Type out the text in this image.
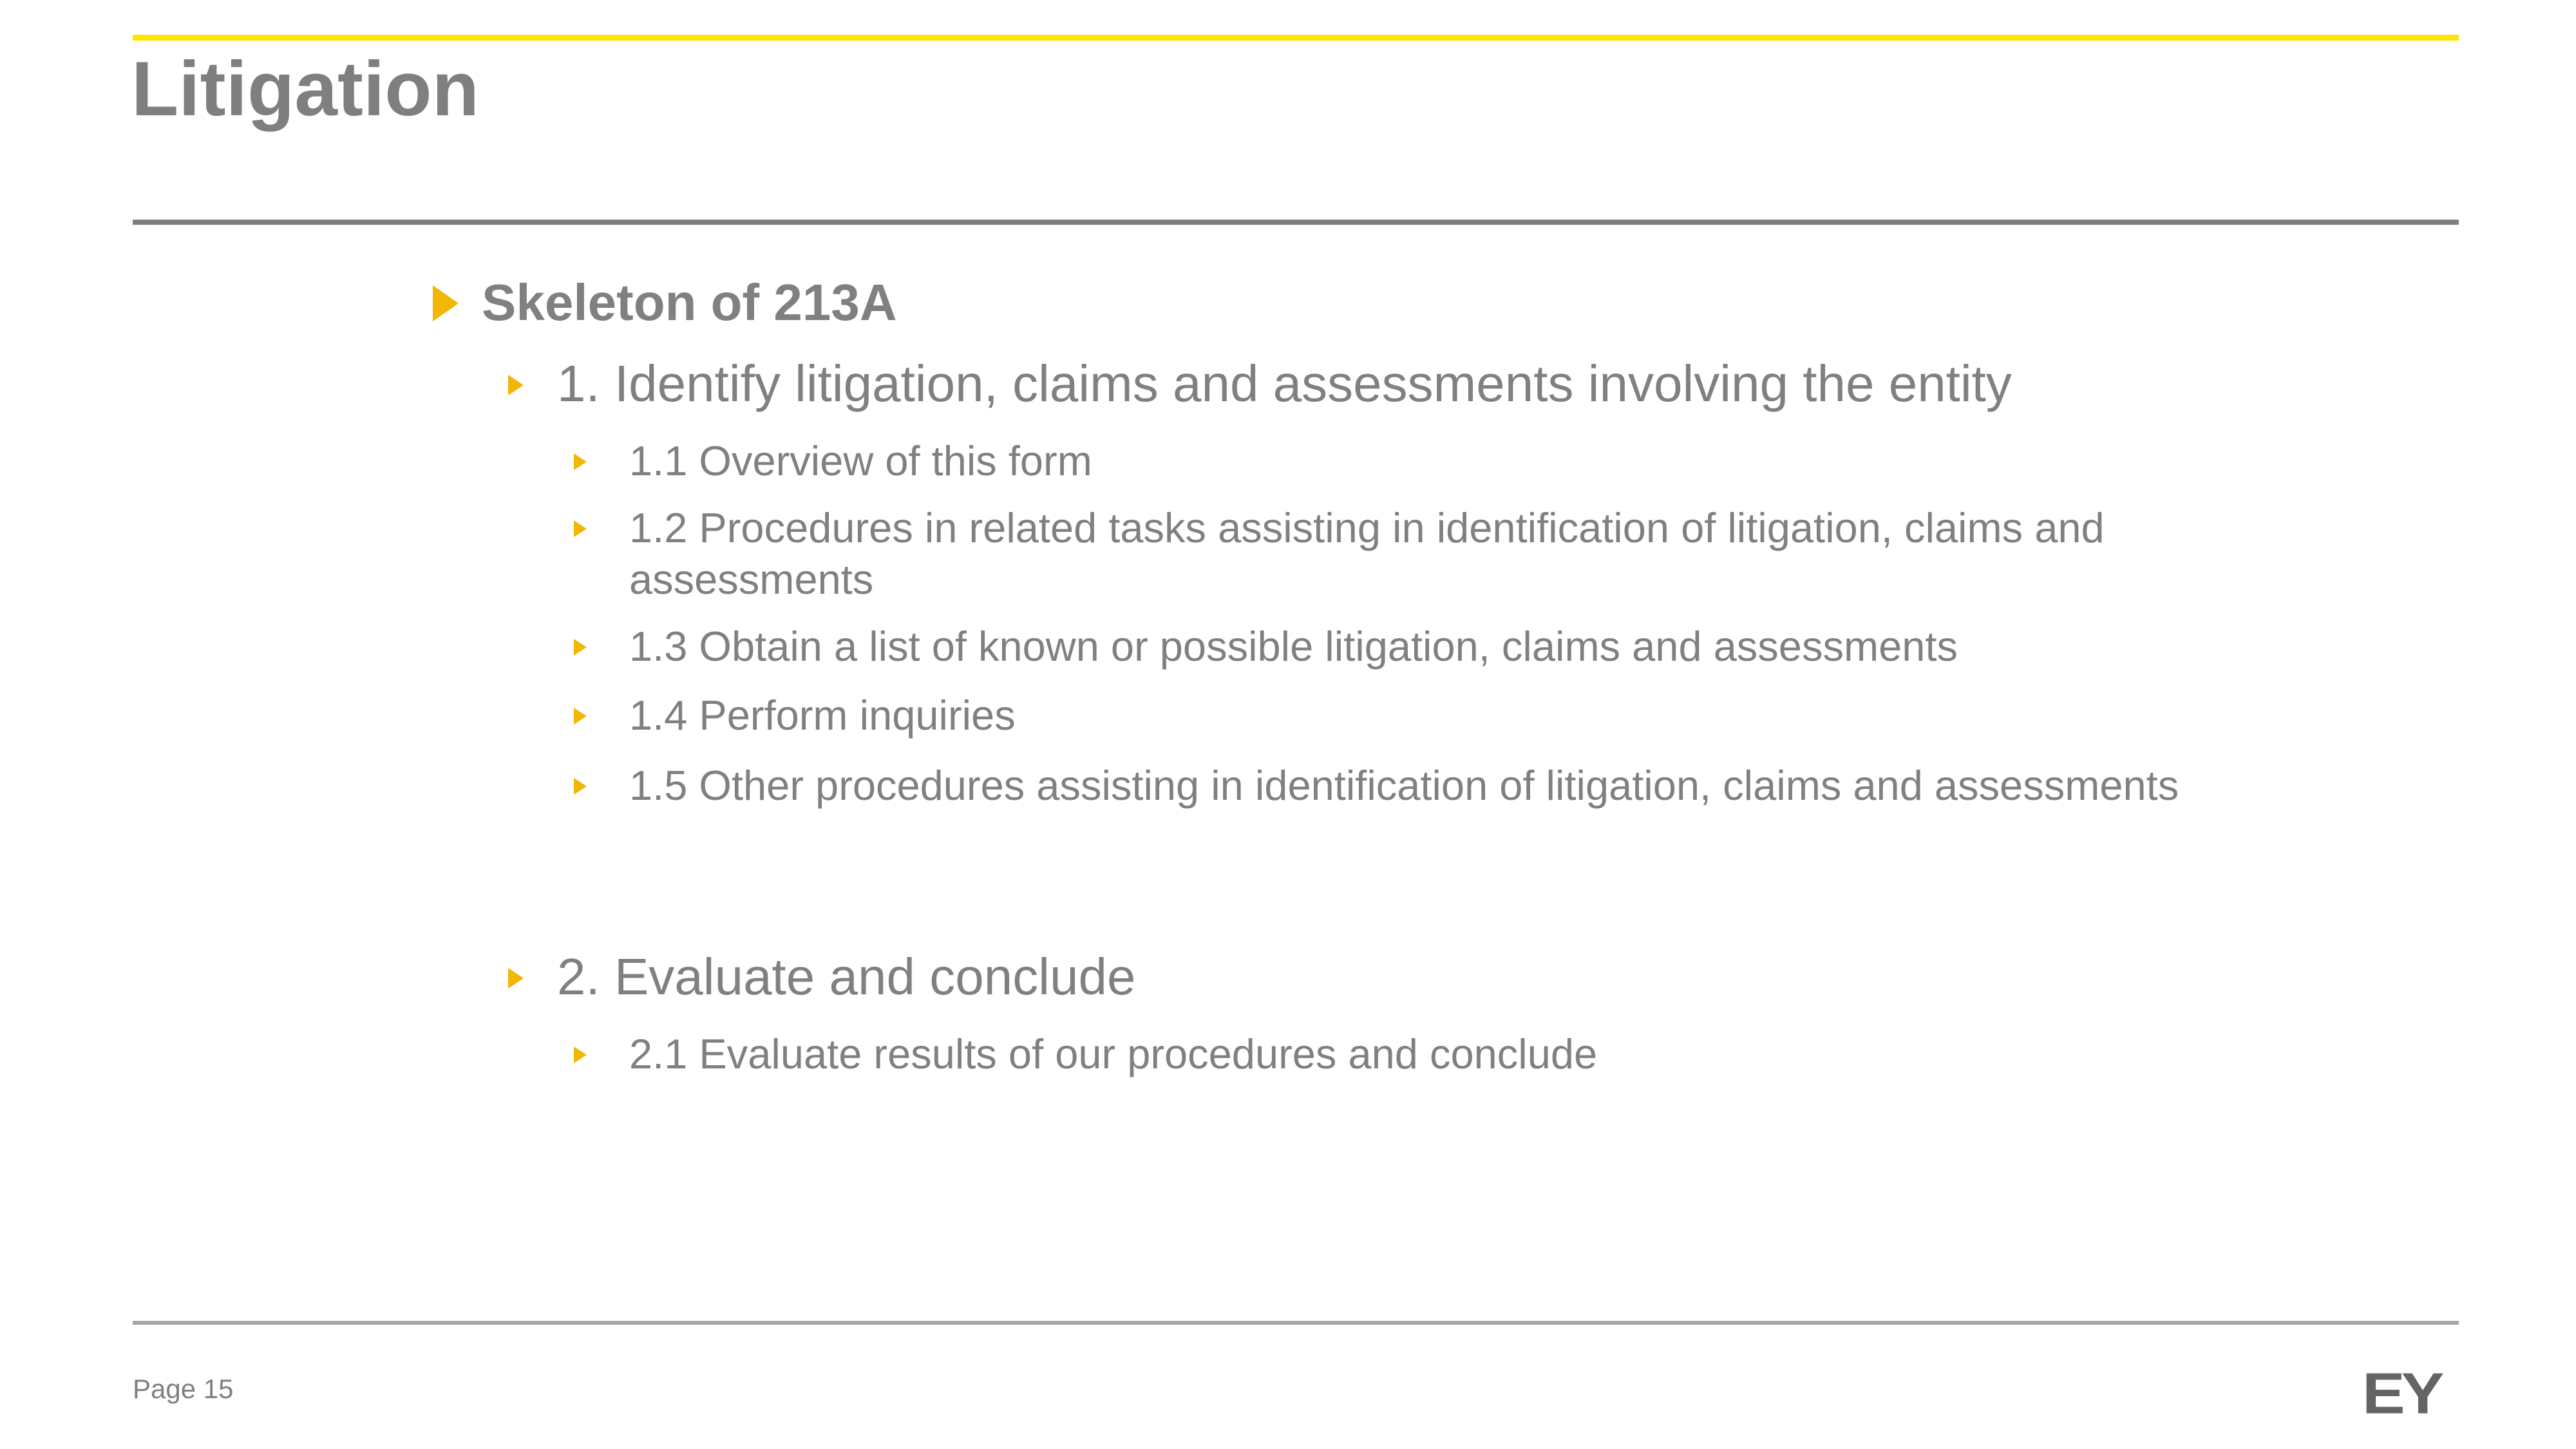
Litigation
Skeleton of 213A
1. Identify litigation, claims and assessments involving the entity
1.1 Overview of this form
1.2 Procedures in related tasks assisting in identification of litigation, claims and assessments
1.3 Obtain a list of known or possible litigation, claims and assessments
1.4 Perform inquiries
1.5 Other procedures assisting in identification of litigation, claims and assessments
2. Evaluate and conclude
2.1 Evaluate results of our procedures and conclude
Page 15	EY
